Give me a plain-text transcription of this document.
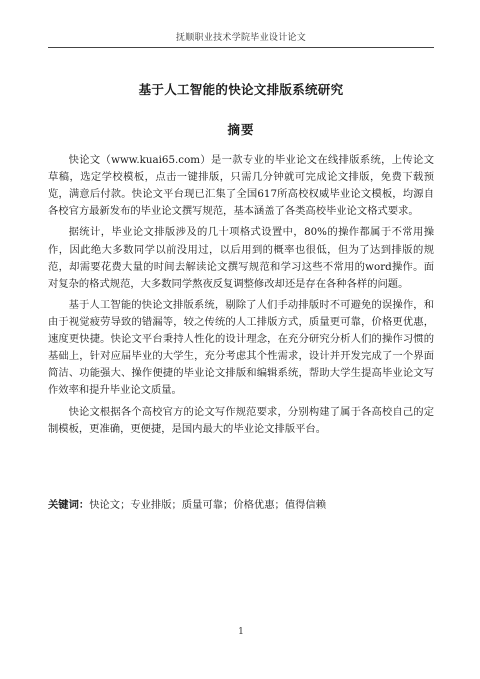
抚顺职业技术学院毕业设计论文
基于人工智能的快论文排版系统研究
摘要

快论文（www.kuai65.com）是一款专业的毕业论文在线排版系统，上传论文草稿，选定学校模板，点击一键排版，只需几分钟就可完成论文排版，免费下载预览，满意后付款。快论文平台现已汇集了全国617所高校权威毕业论文模板，均源自各校官方最新发布的毕业论文撰写规范，基本涵盖了各类高校毕业论文格式要求。

据统计，毕业论文排版涉及的几十项格式设置中，80%的操作都属于不常用操作，因此绝大多数同学以前没用过，以后用到的概率也很低，但为了达到排版的规范，却需要花费大量的时间去解读论文撰写规范和学习这些不常用的word操作。面对复杂的格式规范，大多数同学熬夜反复调整修改却还是存在各种各样的问题。

基于人工智能的快论文排版系统，剔除了人们手动排版时不可避免的误操作，和由于视觉疲劳导致的错漏等，较之传统的人工排版方式，质量更可靠，价格更优惠，速度更快捷。快论文平台秉持人性化的设计理念，在充分研究分析人们的操作习惯的基础上，针对应届毕业的大学生，充分考虑其个性需求，设计并开发完成了一个界面简洁、功能强大、操作便捷的毕业论文排版和编辑系统，帮助大学生提高毕业论文写作效率和提升毕业论文质量。

快论文根据各个高校官方的论文写作规范要求，分别构建了属于各高校自己的定制模板，更准确，更便捷，是国内最大的毕业论文排版平台。

关键词：快论文；专业排版；质量可靠；价格优惠；值得信赖
1
